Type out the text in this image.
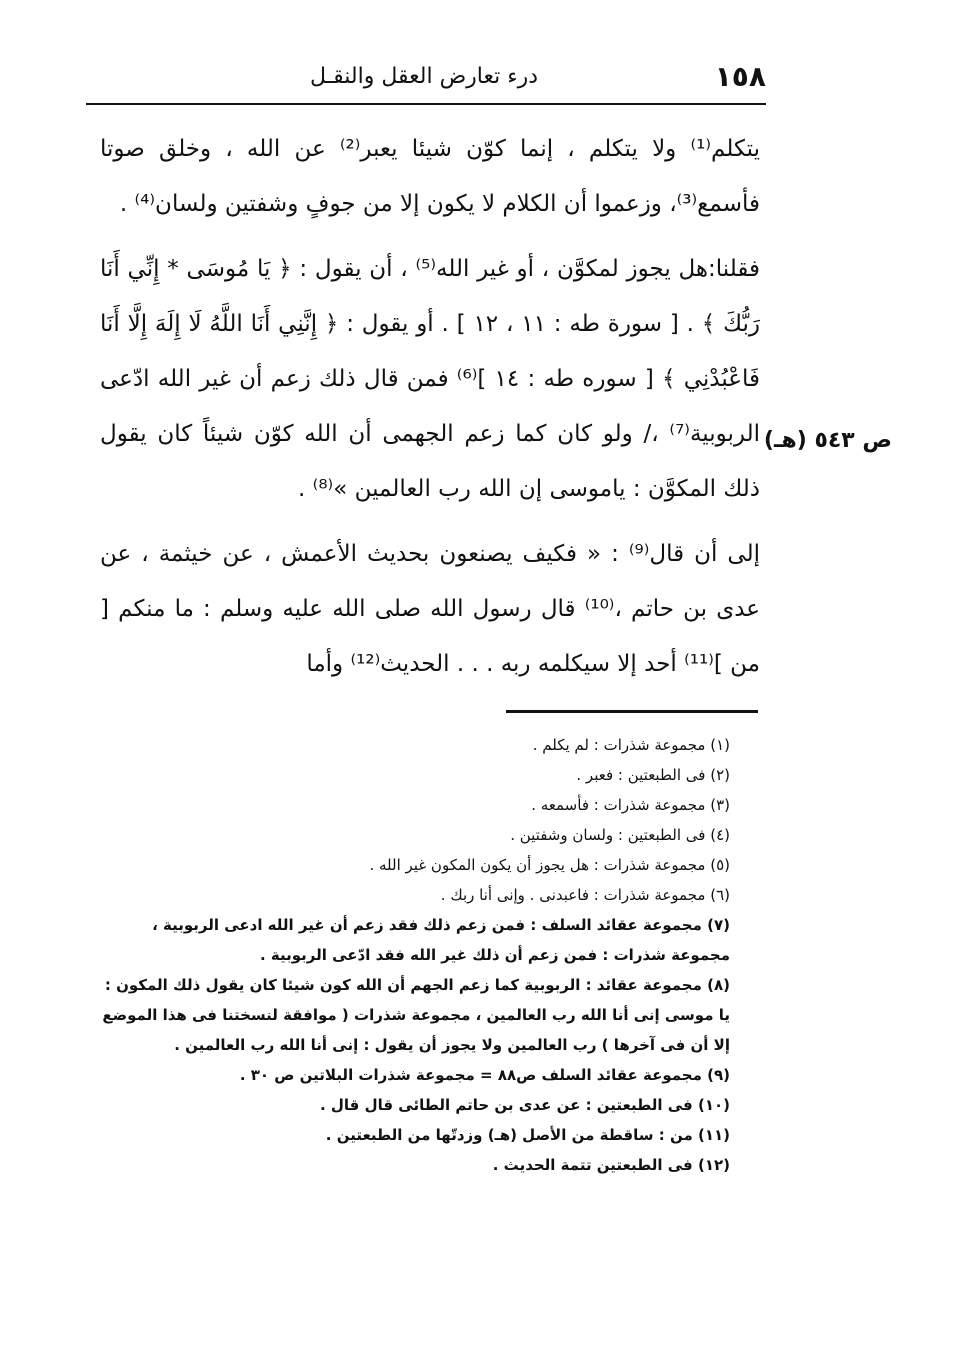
١٥٨
درء تعارض العقل والنقـل
ص ٥٤٣ (هـ)

يتكلم⁽¹⁾ ولا يتكلم ، إنما كوّن شيئا يعبر⁽²⁾ عن الله ، وخلق صوتا فأسمع⁽³⁾، وزعموا أن الكلام لا يكون إلا من جوفٍ وشفتين ولسان⁽⁴⁾ .

فقلنا:هل يجوز لمكوَّن ، أو غير الله⁽⁵⁾ ، أن يقول : ﴿ يَا مُوسَى * إِنِّي أَنَا رَبُّكَ ﴾ . [ سورة طه : ١١ ، ١٢ ] . أو يقول : ﴿ إِنَّنِي أَنَا اللَّهُ لَا إِلَهَ إِلَّا أَنَا فَاعْبُدْنِي ﴾ [ سوره طه : ١٤ ]⁽⁶⁾ فمن قال ذلك زعم أن غير الله ادّعى الربوبية⁽⁷⁾ ،/ ولو كان كما زعم الجهمى أن الله كوّن شيئاً كان يقول ذلك المكوَّن : ياموسى إن الله رب العالمين »⁽⁸⁾ .

إلى أن قال⁽⁹⁾ : « فكيف يصنعون بحديث الأعمش ، عن خيثمة ، عن عدى بن حاتم ،⁽¹⁰⁾ قال رسول الله صلى الله عليه وسلم : ما منكم [ من ]⁽¹¹⁾ أحد إلا سيكلمه ربه . . . الحديث⁽¹²⁾ وأما

(١) مجموعة شذرات : لم يكلم .

(٢) فى الطبعتين : فعبر .

(٣) مجموعة شذرات : فأسمعه .

(٤) فى الطبعتين : ولسان وشفتين .

(٥) مجموعة شذرات : هل يجوز أن يكون المكون غير الله .

(٦) مجموعة شذرات : فاعبدنى . وإنى أنا ربك .

(٧) مجموعة عقائد السلف : فمن زعم ذلك فقد زعم أن غير الله ادعى الربوبية ، مجموعة شذرات : فمن زعم أن ذلك غير الله فقد ادّعى الربوبية .

(٨) مجموعة عقائد : الربوبية كما زعم الجهم أن الله كون شيئا كان يقول ذلك المكون : يا موسى إنى أنا الله رب العالمين ، مجموعة شذرات ( موافقة لنسختنا فى هذا الموضع إلا أن فى آخرها ) رب العالمين ولا يجوز أن يقول : إنى أنا الله رب العالمين .

(٩) مجموعة عقائد السلف ص٨٨ = مجموعة شذرات البلاتين ص ٣٠ .

(١٠) فى الطبعتين : عن عدى بن حاتم الطائى قال قال .

(١١) من : ساقطة من الأصل (هـ) وزدتّها من الطبعتين .

(١٢) فى الطبعتين تتمة الحديث .
